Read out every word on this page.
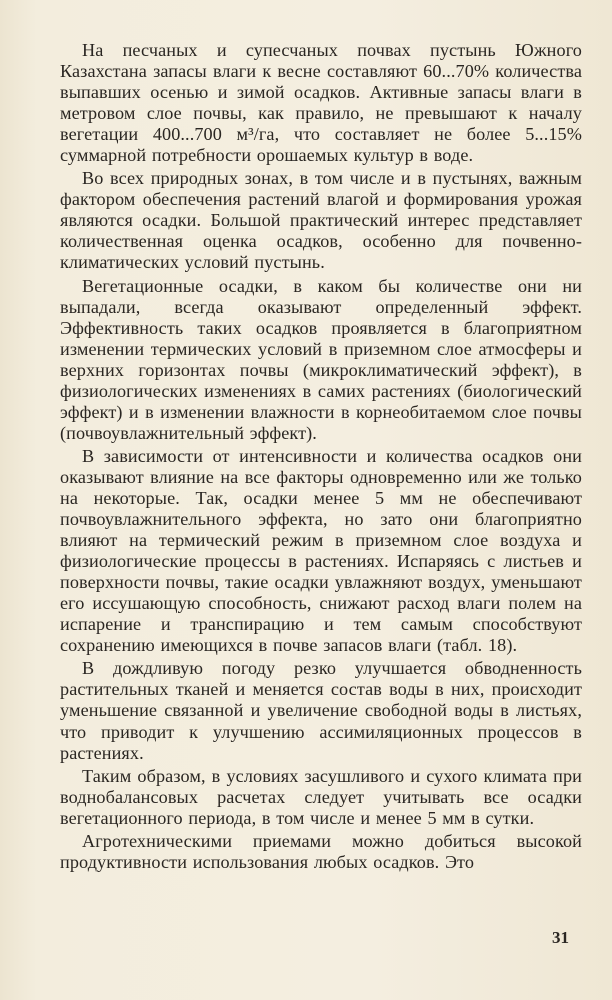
На песчаных и супесчаных почвах пустынь Южного Казахстана запасы влаги к весне составляют 60...70% количества выпавших осенью и зимой осадков. Активные запасы влаги в метровом слое почвы, как правило, не превышают к началу вегетации 400...700 м³/га, что составляет не более 5...15% суммарной потребности орошаемых культур в воде.

Во всех природных зонах, в том числе и в пустынях, важным фактором обеспечения растений влагой и формирования урожая являются осадки. Большой практический интерес представляет количественная оценка осадков, особенно для почвенно-климатических условий пустынь.

Вегетационные осадки, в каком бы количестве они ни выпадали, всегда оказывают определенный эффект. Эффективность таких осадков проявляется в благоприятном изменении термических условий в приземном слое атмосферы и верхних горизонтах почвы (микроклиматический эффект), в физиологических изменениях в самих растениях (биологический эффект) и в изменении влажности в корнеобитаемом слое почвы (почвоувлажнительный эффект).

В зависимости от интенсивности и количества осадков они оказывают влияние на все факторы одновременно или же только на некоторые. Так, осадки менее 5 мм не обеспечивают почвоувлажнительного эффекта, но зато они благоприятно влияют на термический режим в приземном слое воздуха и физиологические процессы в растениях. Испаряясь с листьев и поверхности почвы, такие осадки увлажняют воздух, уменьшают его иссушающую способность, снижают расход влаги полем на испарение и транспирацию и тем самым способствуют сохранению имеющихся в почве запасов влаги (табл. 18).

В дождливую погоду резко улучшается обводненность растительных тканей и меняется состав воды в них, происходит уменьшение связанной и увеличение свободной воды в листьях, что приводит к улучшению ассимиляционных процессов в растениях.

Таким образом, в условиях засушливого и сухого климата при воднобалансовых расчетах следует учитывать все осадки вегетационного периода, в том числе и менее 5 мм в сутки.

Агротехническими приемами можно добиться высокой продуктивности использования любых осадков. Это

31
